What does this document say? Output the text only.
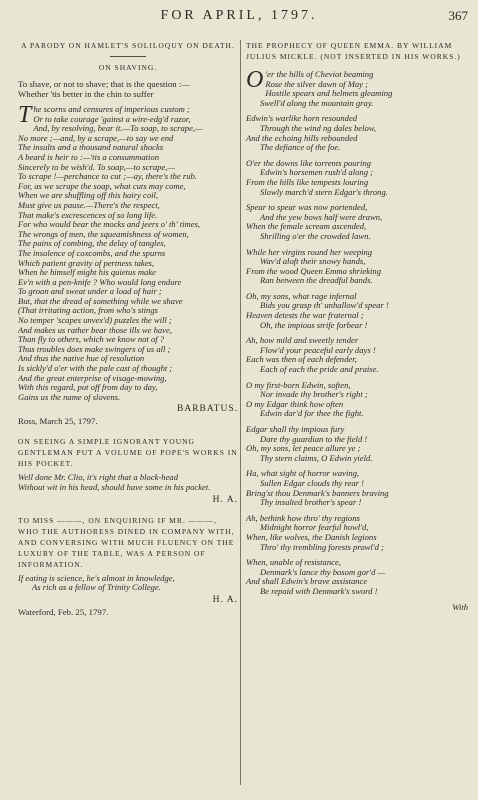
FOR APRIL, 1797.	367
A PARODY ON HAMLET'S SOLILOQUY ON DEATH.
ON SHAVING.
To shave, or not to shave; that is the question :—
Whether 'tis better in the chin to suffer
The scorns and censures of imperious custom ;
Or to take courage 'gainst a wire-edg'd razor,
And, by resolving, bear it.—To soap, to scrape,—
No more ;—and, by a scrape,—to say we end
The insults and a thousand natural shocks
A beard is heir to :—'tis a consummation
Sincerely to be wish'd. To soap,—to scrape,—
To scrape !—perchance to cut ;—ay, there's the rub.
For, as we scrape the soap, what cuts may come,
When we are shuffling off this hairy coil,
Must give us pause.—There's the respect,
That make's excrescences of so long life.
For who would bear the mocks and jeers o' th' times,
The wrongs of men, the squeamishness of women,
The pains of combing, the delay of tangles,
The insolence of coxcombs, and the spurns
Which patient gravity of pertness takes,
When he himself might his quietus make
Ev'n with a pen-knife ? Who would long endure
To groan and sweat under a load of hair ;
But, that the dread of something while we shave
(That irritating action, from who's stings
No temper 'scapes unvex'd) puzzles the will ;
And makes us rather bear those ills we have,
Than fly to others, which we know not of ?
Thus troubles does make swingers of us all ;
And thus the native hue of resolution
Is sickly'd o'er with the pale cast of thought ;
And the great enterprise of visage-mowing,
With this regard, put off from day to day,
Gains us the name of slovens.
BARBATUS.
Ross, March 25, 1797.
ON SEEING A SIMPLE IGNORANT YOUNG GENTLEMAN PUT A VOLUME OF POPE'S WORKS IN HIS POCKET.
Well done Mr. Clio, it's right that a block-head
Without wit in his head, should have some in his pocket.
H. A.
TO MISS ———, ON ENQUIRING IF MR. ———, WHO THE AUTHORESS DINED IN COMPANY WITH, AND CONVERSING WITH MUCH FLUENCY ON THE LUXURY OF THE TABLE, WAS A PERSON OF INFORMATION.
If eating is science, he's almost in knowledge,
As rich as a fellow of Trinity College.
H. A.
Waterford, Feb. 25, 1797.
THE PROPHECY OF QUEEN EMMA. BY WILLIAM JULIUS MICKLE. (NOT INSERTED IN HIS WORKS.)
O 'er the hills of Cheviot beaming
Rose the silver dawn of May ;
Hostile spears and helmets gleaming
Swell'd along the mountain gray.
Edwin's warlike horn resounded
Through the wind ng dales below,
And the echoing hills rebounded
The defiance of the foe.
O'er the downs like torrents pouring
Edwin's horsemen rush'd along ;
From the hills like tempests louring
Slowly march'd stern Edgar's throng.
Spear to spear was now portended,
And the yew bows half were drawn,
When the female scream ascended,
Shrilling o'er the crowded lawn.
While her virgins round her weeping
Wav'd aloft their snowy hands,
From the wood Queen Emma shrieking
Ran between the dreadful bands.
Oh, my sons, what rage infernal
Bids you grasp th' unhallow'd spear !
Heaven detests the war fraternal ;
Oh, the impious strife forbear !
Ah, how mild and sweetly tender
Flow'd your peaceful early days !
Each was then of each defender,
Each of each the pride and praise.
O my first-born Edwin, soften,
Nor invade thy brother's right ;
O my Edgar think how often
Edwin dar'd for thee the fight.
Edgar shall thy impious fury
Dare thy guardian to the field !
Oh, my sons, let peace allure ye ;
Thy stern claims, O Edwin yield.
Ha, what sight of horror waving,
Sullen Edgar clouds thy rear !
Bring'st thou Denmark's banners braving
Thy insulted brother's spear !
Ah, bethink how thro' thy regions
Midnight horror fearful howl'd,
When, like wolves, the Danish legions
Thro' thy trembling forests prowl'd ;
When, unable of resistance,
Denmark's lance thy bosom gor'd —
And shall Edwin's brave assistance
Be repaid with Denmark's sword !
With
